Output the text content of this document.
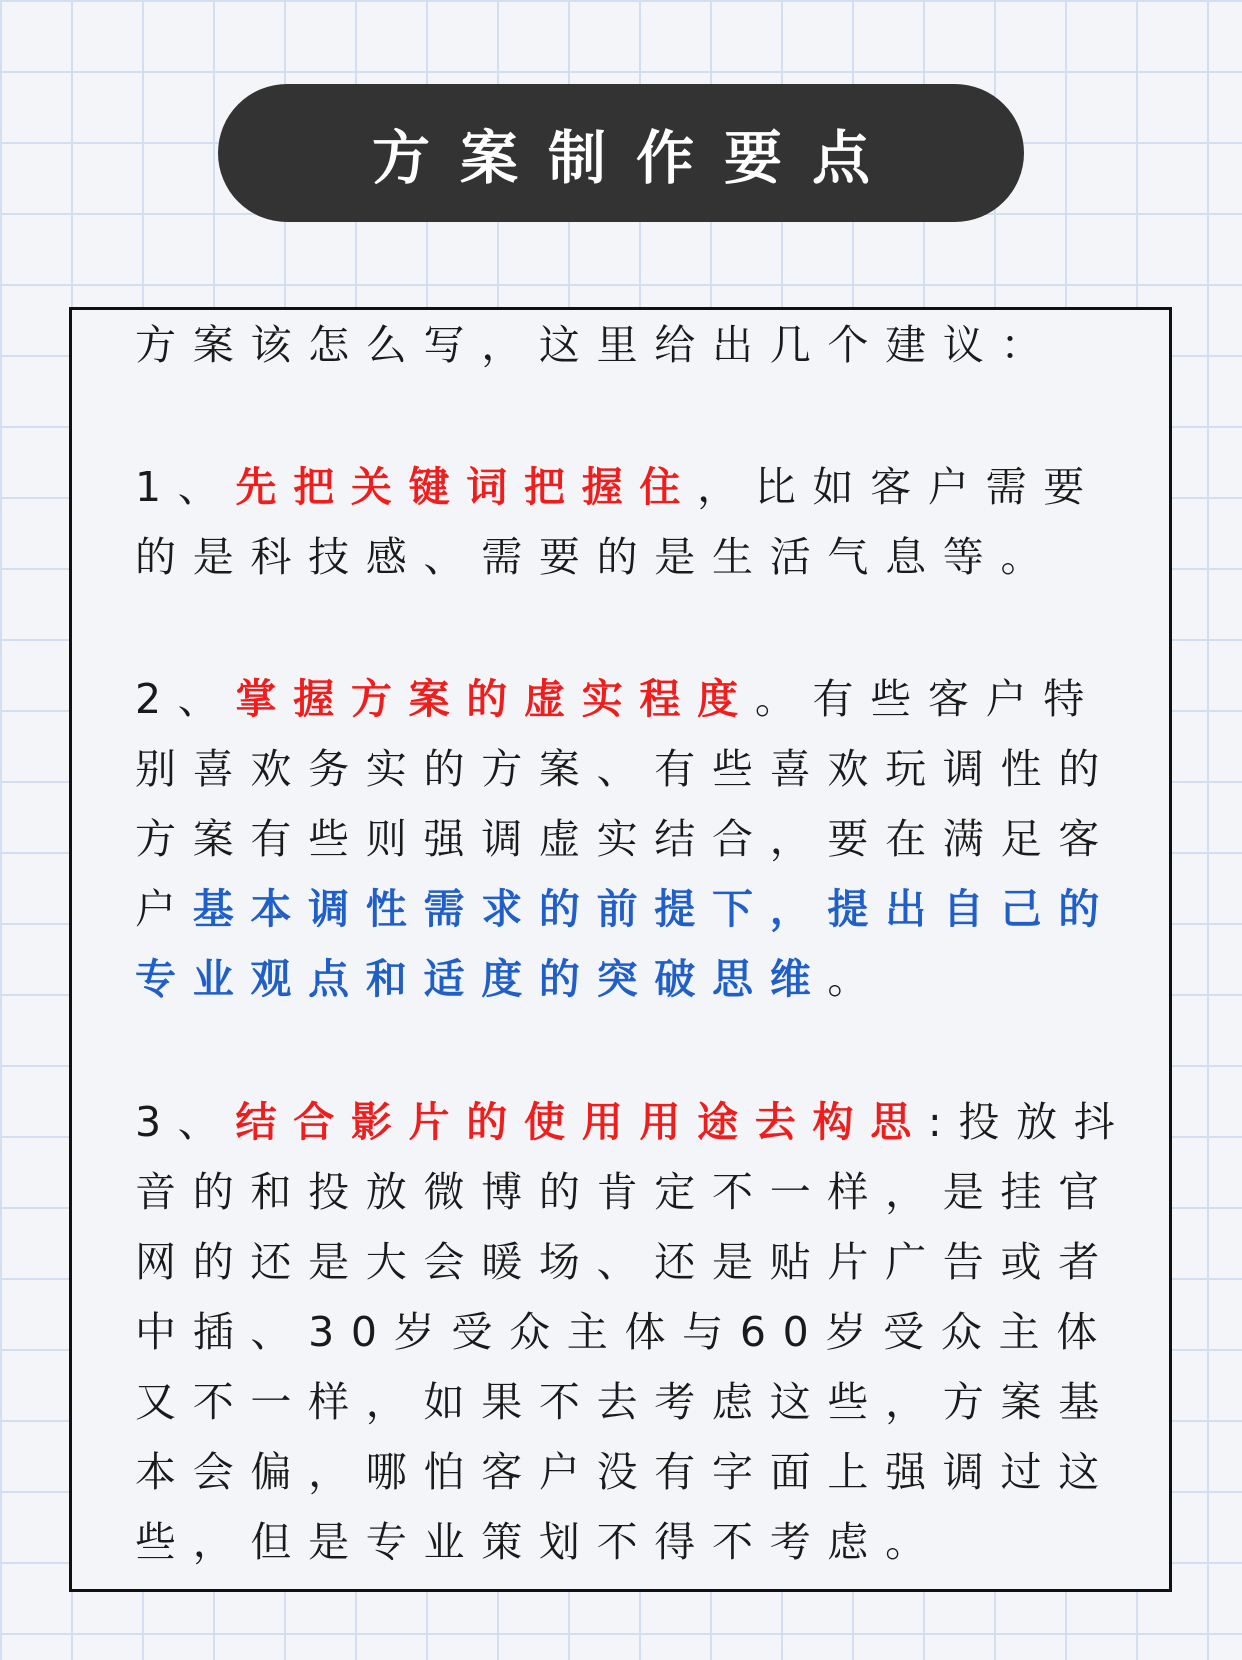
方案制作要点
方案该怎么写，这里给出几个建议：
1、先把关键词把握住，比如客户需要
的是科技感、需要的是生活气息等。
2、掌握方案的虚实程度。有些客户特
别喜欢务实的方案、有些喜欢玩调性的
方案有些则强调虚实结合，要在满足客
户基本调性需求的前提下，提出自己的
专业观点和适度的突破思维。
3、结合影片的使用用途去构思:投放抖
音的和投放微博的肯定不一样，是挂官
网的还是大会暖场、还是贴片广告或者
中插、30岁受众主体与60岁受众主体
又不一样，如果不去考虑这些，方案基
本会偏，哪怕客户没有字面上强调过这
些，但是专业策划不得不考虑。
